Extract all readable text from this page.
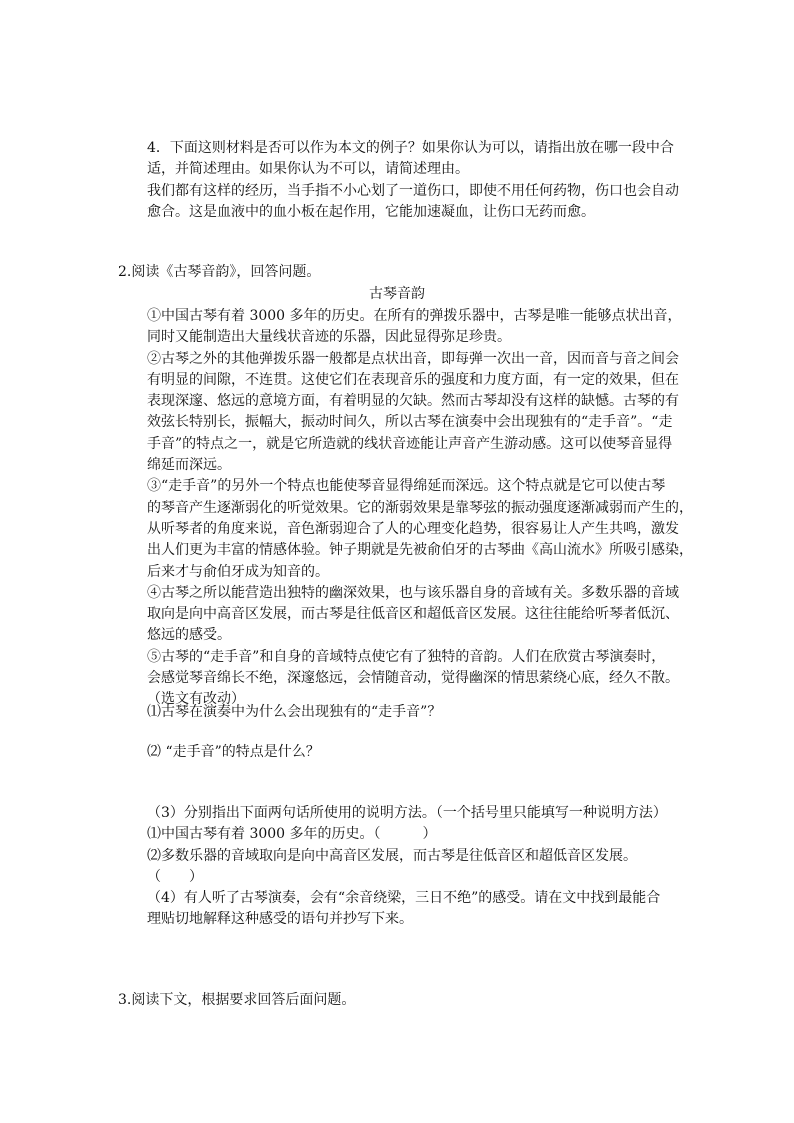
4．下面这则材料是否可以作为本文的例子？如果你认为可以，请指出放在哪一段中合
适，并简述理由。如果你认为不可以，请简述理由。
我们都有这样的经历，当手指不小心划了一道伤口，即使不用任何药物，伤口也会自动
愈合。这是血液中的血小板在起作用，它能加速凝血，让伤口无药而愈。
2.阅读《古琴音韵》，回答问题。
古琴音韵
①中国古琴有着 3000 多年的历史。在所有的弹拨乐器中，古琴是唯一能够点状出音，
同时又能制造出大量线状音迹的乐器，因此显得弥足珍贵。
②古琴之外的其他弹拨乐器一般都是点状出音，即每弹一次出一音，因而音与音之间会
有明显的间隙，不连贯。这使它们在表现音乐的强度和力度方面，有一定的效果，但在
表现深邃、悠远的意境方面，有着明显的欠缺。然而古琴却没有这样的缺憾。古琴的有
效弦长特别长，振幅大，振动时间久，所以古琴在演奏中会出现独有的“走手音”。“走
手音”的特点之一，就是它所造就的线状音迹能让声音产生游动感。这可以使琴音显得
绵延而深远。
③“走手音”的另外一个特点也能使琴音显得绵延而深远。这个特点就是它可以使古琴
的琴音产生逐渐弱化的听觉效果。它的渐弱效果是靠琴弦的振动强度逐渐减弱而产生的，
从听琴者的角度来说，音色渐弱迎合了人的心理变化趋势，很容易让人产生共鸣，激发
出人们更为丰富的情感体验。钟子期就是先被俞伯牙的古琴曲《高山流水》所吸引感染，
后来才与俞伯牙成为知音的。
④古琴之所以能营造出独特的幽深效果，也与该乐器自身的音域有关。多数乐器的音域
取向是向中高音区发展，而古琴是往低音区和超低音区发展。这往往能给听琴者低沉、
悠远的感受。
⑤古琴的“走手音”和自身的音域特点使它有了独特的音韵。人们在欣赏古琴演奏时，
会感觉琴音绵长不绝，深邃悠远，会情随音动，觉得幽深的情思萦绕心底，经久不散。
（选文有改动）
⑴古琴在演奏中为什么会出现独有的“走手音”？
⑵ “走手音”的特点是什么？
（3）分别指出下面两句话所使用的说明方法。（一个括号里只能填写一种说明方法）
⑴中国古琴有着 3000 多年的历史。（　　　）
⑵多数乐器的音域取向是向中高音区发展，而古琴是往低音区和超低音区发展。
（　　）
（4）有人听了古琴演奏，会有“余音绕梁，三日不绝”的感受。请在文中找到最能合
理贴切地解释这种感受的语句并抄写下来。
3.阅读下文，根据要求回答后面问题。
